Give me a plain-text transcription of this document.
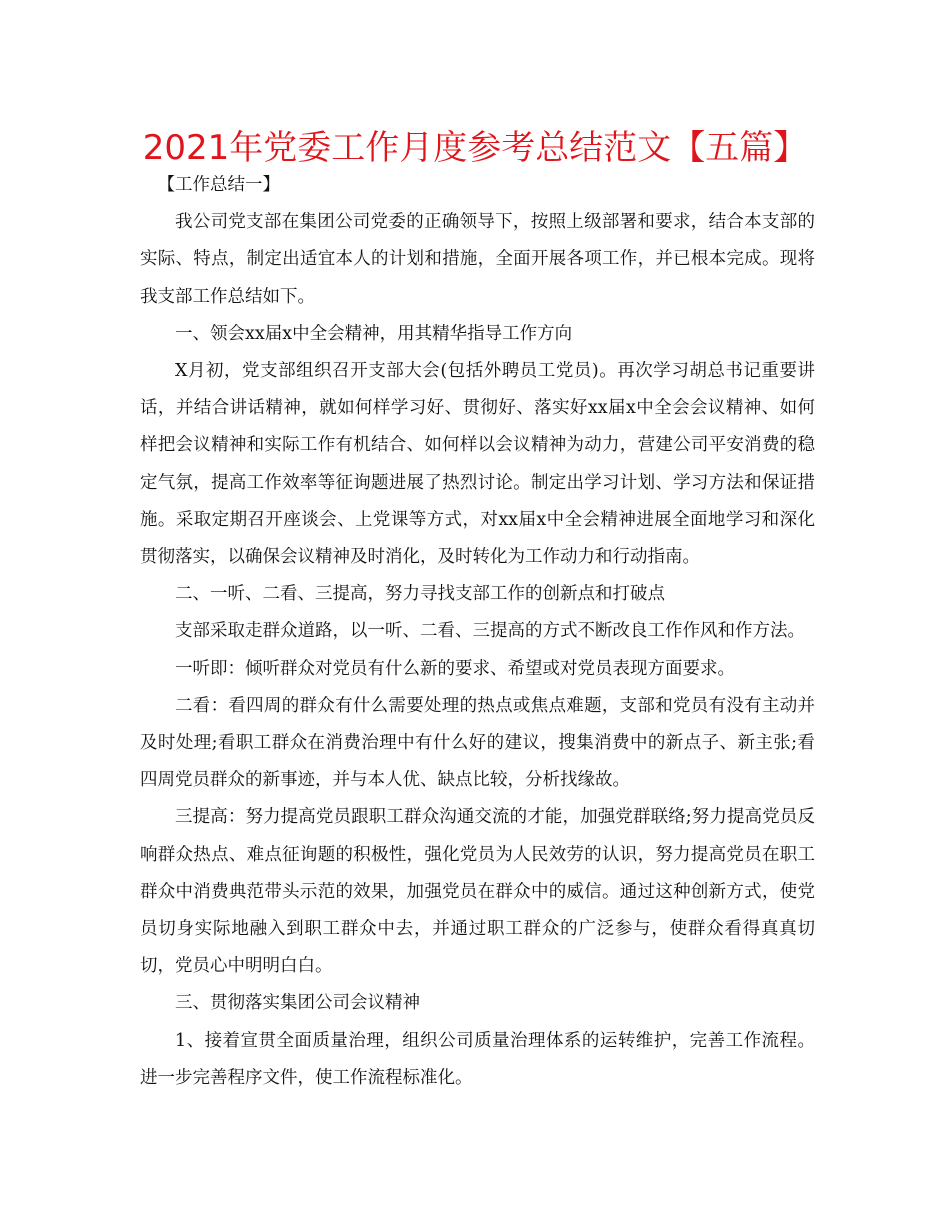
2021年党委工作月度参考总结范文【五篇】

【工作总结一】

我公司党支部在集团公司党委的正确领导下，按照上级部署和要求，结合本支部的实际、特点，制定出适宜本人的计划和措施，全面开展各项工作，并已根本完成。现将我支部工作总结如下。

一、领会xx届x中全会精神，用其精华指导工作方向

X月初，党支部组织召开支部大会(包括外聘员工党员)。再次学习胡总书记重要讲话，并结合讲话精神，就如何样学习好、贯彻好、落实好xx届x中全会会议精神、如何样把会议精神和实际工作有机结合、如何样以会议精神为动力，营建公司平安消费的稳定气氛，提高工作效率等征询题进展了热烈讨论。制定出学习计划、学习方法和保证措施。采取定期召开座谈会、上党课等方式，对xx届x中全会精神进展全面地学习和深化贯彻落实，以确保会议精神及时消化，及时转化为工作动力和行动指南。

二、一听、二看、三提高，努力寻找支部工作的创新点和打破点

支部采取走群众道路，以一听、二看、三提高的方式不断改良工作作风和作方法。

一听即：倾听群众对党员有什么新的要求、希望或对党员表现方面要求。

二看：看四周的群众有什么需要处理的热点或焦点难题，支部和党员有没有主动并及时处理;看职工群众在消费治理中有什么好的建议，搜集消费中的新点子、新主张;看四周党员群众的新事迹，并与本人优、缺点比较，分析找缘故。

三提高：努力提高党员跟职工群众沟通交流的才能，加强党群联络;努力提高党员反响群众热点、难点征询题的积极性，强化党员为人民效劳的认识，努力提高党员在职工群众中消费典范带头示范的效果，加强党员在群众中的威信。通过这种创新方式，使党员切身实际地融入到职工群众中去，并通过职工群众的广泛参与，使群众看得真真切切，党员心中明明白白。

三、贯彻落实集团公司会议精神

1、接着宣贯全面质量治理，组织公司质量治理体系的运转维护，完善工作流程。进一步完善程序文件，使工作流程标准化。
